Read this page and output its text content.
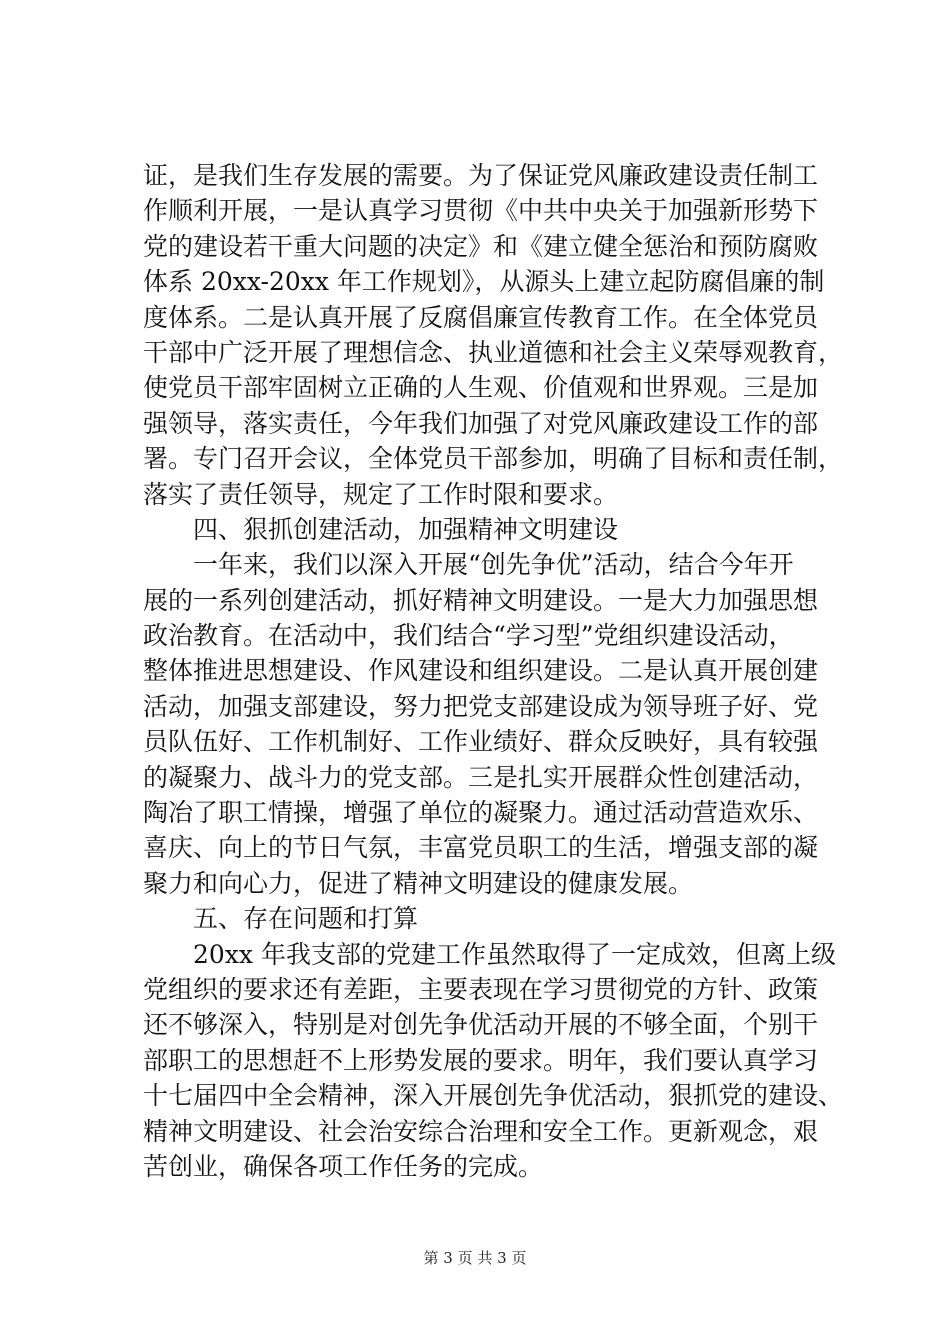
证，是我们生存发展的需要。为了保证党风廉政建设责任制工
作顺利开展，一是认真学习贯彻《中共中央关于加强新形势下
党的建设若干重大问题的决定》和《建立健全惩治和预防腐败
体系 20xx-20xx 年工作规划》，从源头上建立起防腐倡廉的制
度体系。二是认真开展了反腐倡廉宣传教育工作。在全体党员
干部中广泛开展了理想信念、执业道德和社会主义荣辱观教育，
使党员干部牢固树立正确的人生观、价值观和世界观。三是加
强领导，落实责任，今年我们加强了对党风廉政建设工作的部
署。专门召开会议，全体党员干部参加，明确了目标和责任制，
落实了责任领导，规定了工作时限和要求。
　　四、狠抓创建活动，加强精神文明建设
　　一年来，我们以深入开展“创先争优”活动，结合今年开
展的一系列创建活动，抓好精神文明建设。一是大力加强思想
政治教育。在活动中，我们结合“学习型”党组织建设活动，
整体推进思想建设、作风建设和组织建设。二是认真开展创建
活动，加强支部建设，努力把党支部建设成为领导班子好、党
员队伍好、工作机制好、工作业绩好、群众反映好，具有较强
的凝聚力、战斗力的党支部。三是扎实开展群众性创建活动，
陶冶了职工情操，增强了单位的凝聚力。通过活动营造欢乐、
喜庆、向上的节日气氛，丰富党员职工的生活，增强支部的凝
聚力和向心力，促进了精神文明建设的健康发展。
　　五、存在问题和打算
　　20xx 年我支部的党建工作虽然取得了一定成效，但离上级
党组织的要求还有差距，主要表现在学习贯彻党的方针、政策
还不够深入，特别是对创先争优活动开展的不够全面，个别干
部职工的思想赶不上形势发展的要求。明年，我们要认真学习
十七届四中全会精神，深入开展创先争优活动，狠抓党的建设、
精神文明建设、社会治安综合治理和安全工作。更新观念，艰
苦创业，确保各项工作任务的完成。
第 3 页 共 3 页
